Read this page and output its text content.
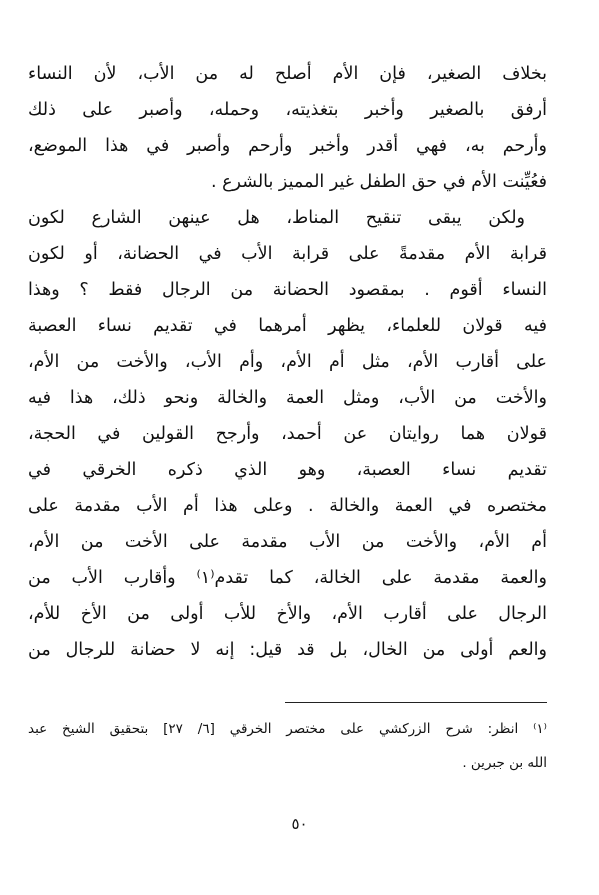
بخلاف الصغير، فإن الأم أصلح له من الأب، لأن النساء
أرفق بالصغير وأخبر بتغذيته، وحمله، وأصبر على ذلك
وأرحم به، فهي أقدر وأخبر وأرحم وأصبر في هذا الموضع،
فعُيِّنت الأم في حق الطفل غير المميز بالشرع .
ولكن يبقى تنقيح المناط، هل عينهن الشارع لكون
قرابة الأم مقدمةً على قرابة الأب في الحضانة، أو لكون
النساء أقوم . بمقصود الحضانة من الرجال فقط ؟ وهذا
فيه قولان للعلماء، يظهر أمرهما في تقديم نساء العصبة
على أقارب الأم، مثل أم الأم، وأم الأب، والأخت من الأم،
والأخت من الأب، ومثل العمة والخالة ونحو ذلك، هذا فيه
قولان هما روايتان عن أحمد، وأرجح القولين في الحجة،
تقديم نساء العصبة، وهو الذي ذكره الخرقي في
مختصره في العمة والخالة . وعلى هذا أم الأب مقدمة على
أم الأم، والأخت من الأب مقدمة على الأخت من الأم،
والعمة مقدمة على الخالة، كما تقدم⁽١⁾ وأقارب الأب من
الرجال على أقارب الأم، والأخ للأب أولى من الأخ للأم،
والعم أولى من الخال، بل قد قيل: إنه لا حضانة للرجال من
⁽١⁾ انظر: شرح الزركشي على مختصر الخرقي [٦/ ٢٧] بتحقيق الشيخ عبد
الله بن جبرين .
٥٠
